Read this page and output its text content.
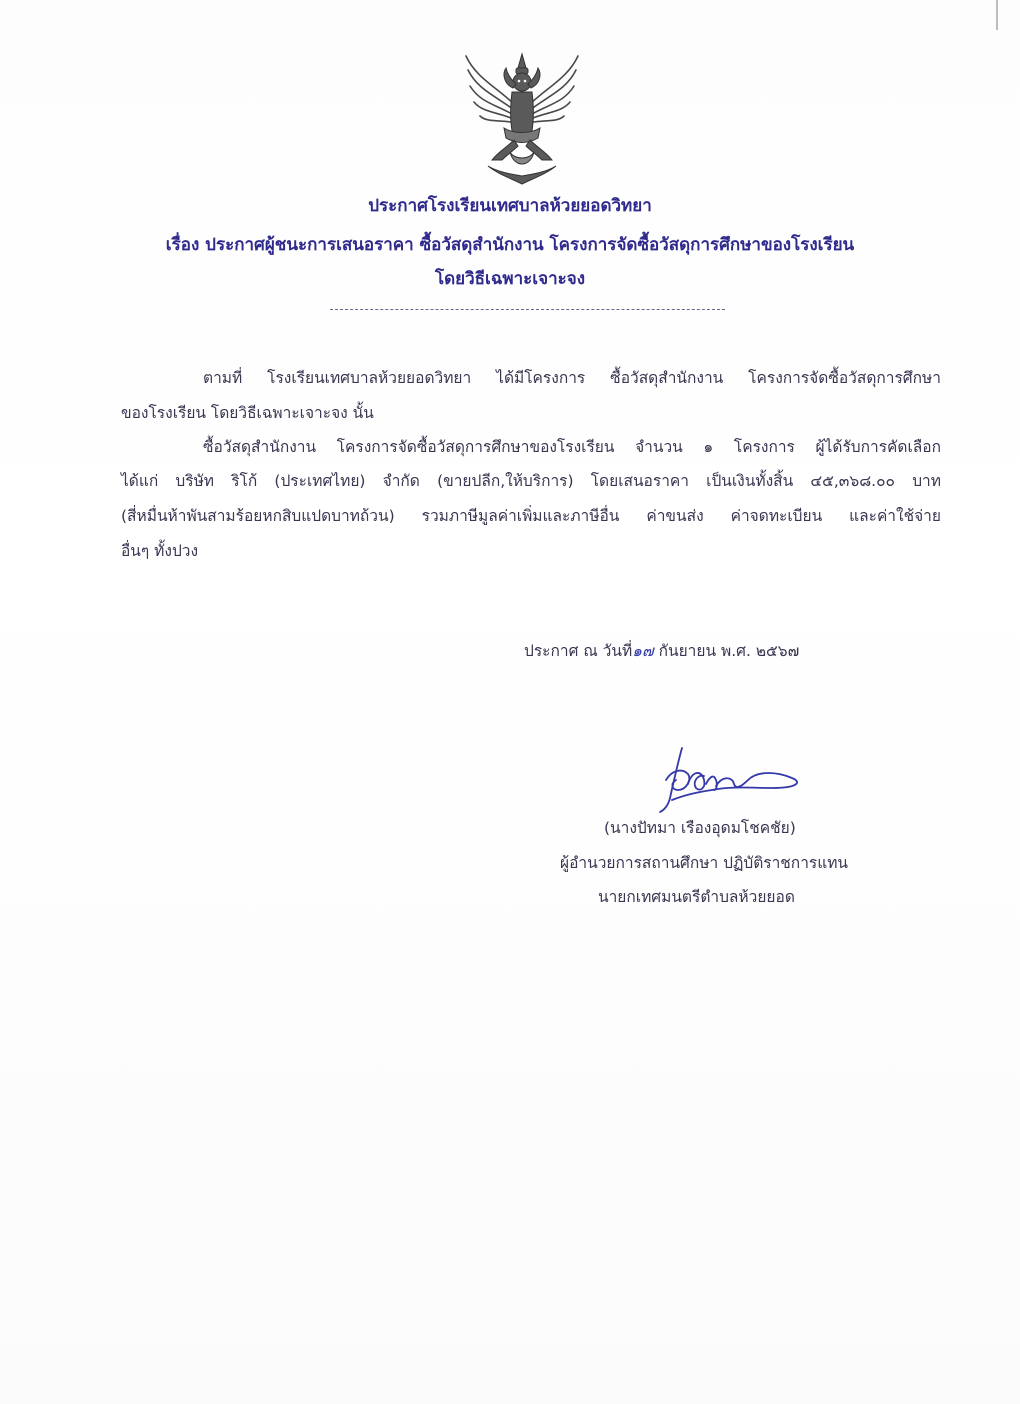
ประกาศโรงเรียนเทศบาลห้วยยอดวิทยา
เรื่อง ประกาศผู้ชนะการเสนอราคา ซื้อวัสดุสำนักงาน โครงการจัดซื้อวัสดุการศึกษาของโรงเรียน
โดยวิธีเฉพาะเจาะจง
ตามที่ โรงเรียนเทศบาลห้วยยอดวิทยา ได้มีโครงการ ซื้อวัสดุสำนักงาน โครงการจัดซื้อวัสดุการศึกษา
ของโรงเรียน โดยวิธีเฉพาะเจาะจง นั้น
ซื้อวัสดุสำนักงาน โครงการจัดซื้อวัสดุการศึกษาของโรงเรียน จำนวน ๑ โครงการ ผู้ได้รับการคัดเลือก
ได้แก่ บริษัท ริโก้ (ประเทศไทย) จำกัด (ขายปลีก,ให้บริการ) โดยเสนอราคา เป็นเงินทั้งสิ้น ๔๕,๓๖๘.๐๐ บาท
(สี่หมื่นห้าพันสามร้อยหกสิบแปดบาทถ้วน) รวมภาษีมูลค่าเพิ่มและภาษีอื่น ค่าขนส่ง ค่าจดทะเบียน และค่าใช้จ่าย
อื่นๆ ทั้งปวง
ประกาศ ณ วันที่๑๗ กันยายน พ.ศ. ๒๕๖๗
(นางปัทมา เรืองอุดมโชคชัย)
ผู้อำนวยการสถานศึกษา ปฏิบัติราชการแทน
นายกเทศมนตรีตำบลห้วยยอด
